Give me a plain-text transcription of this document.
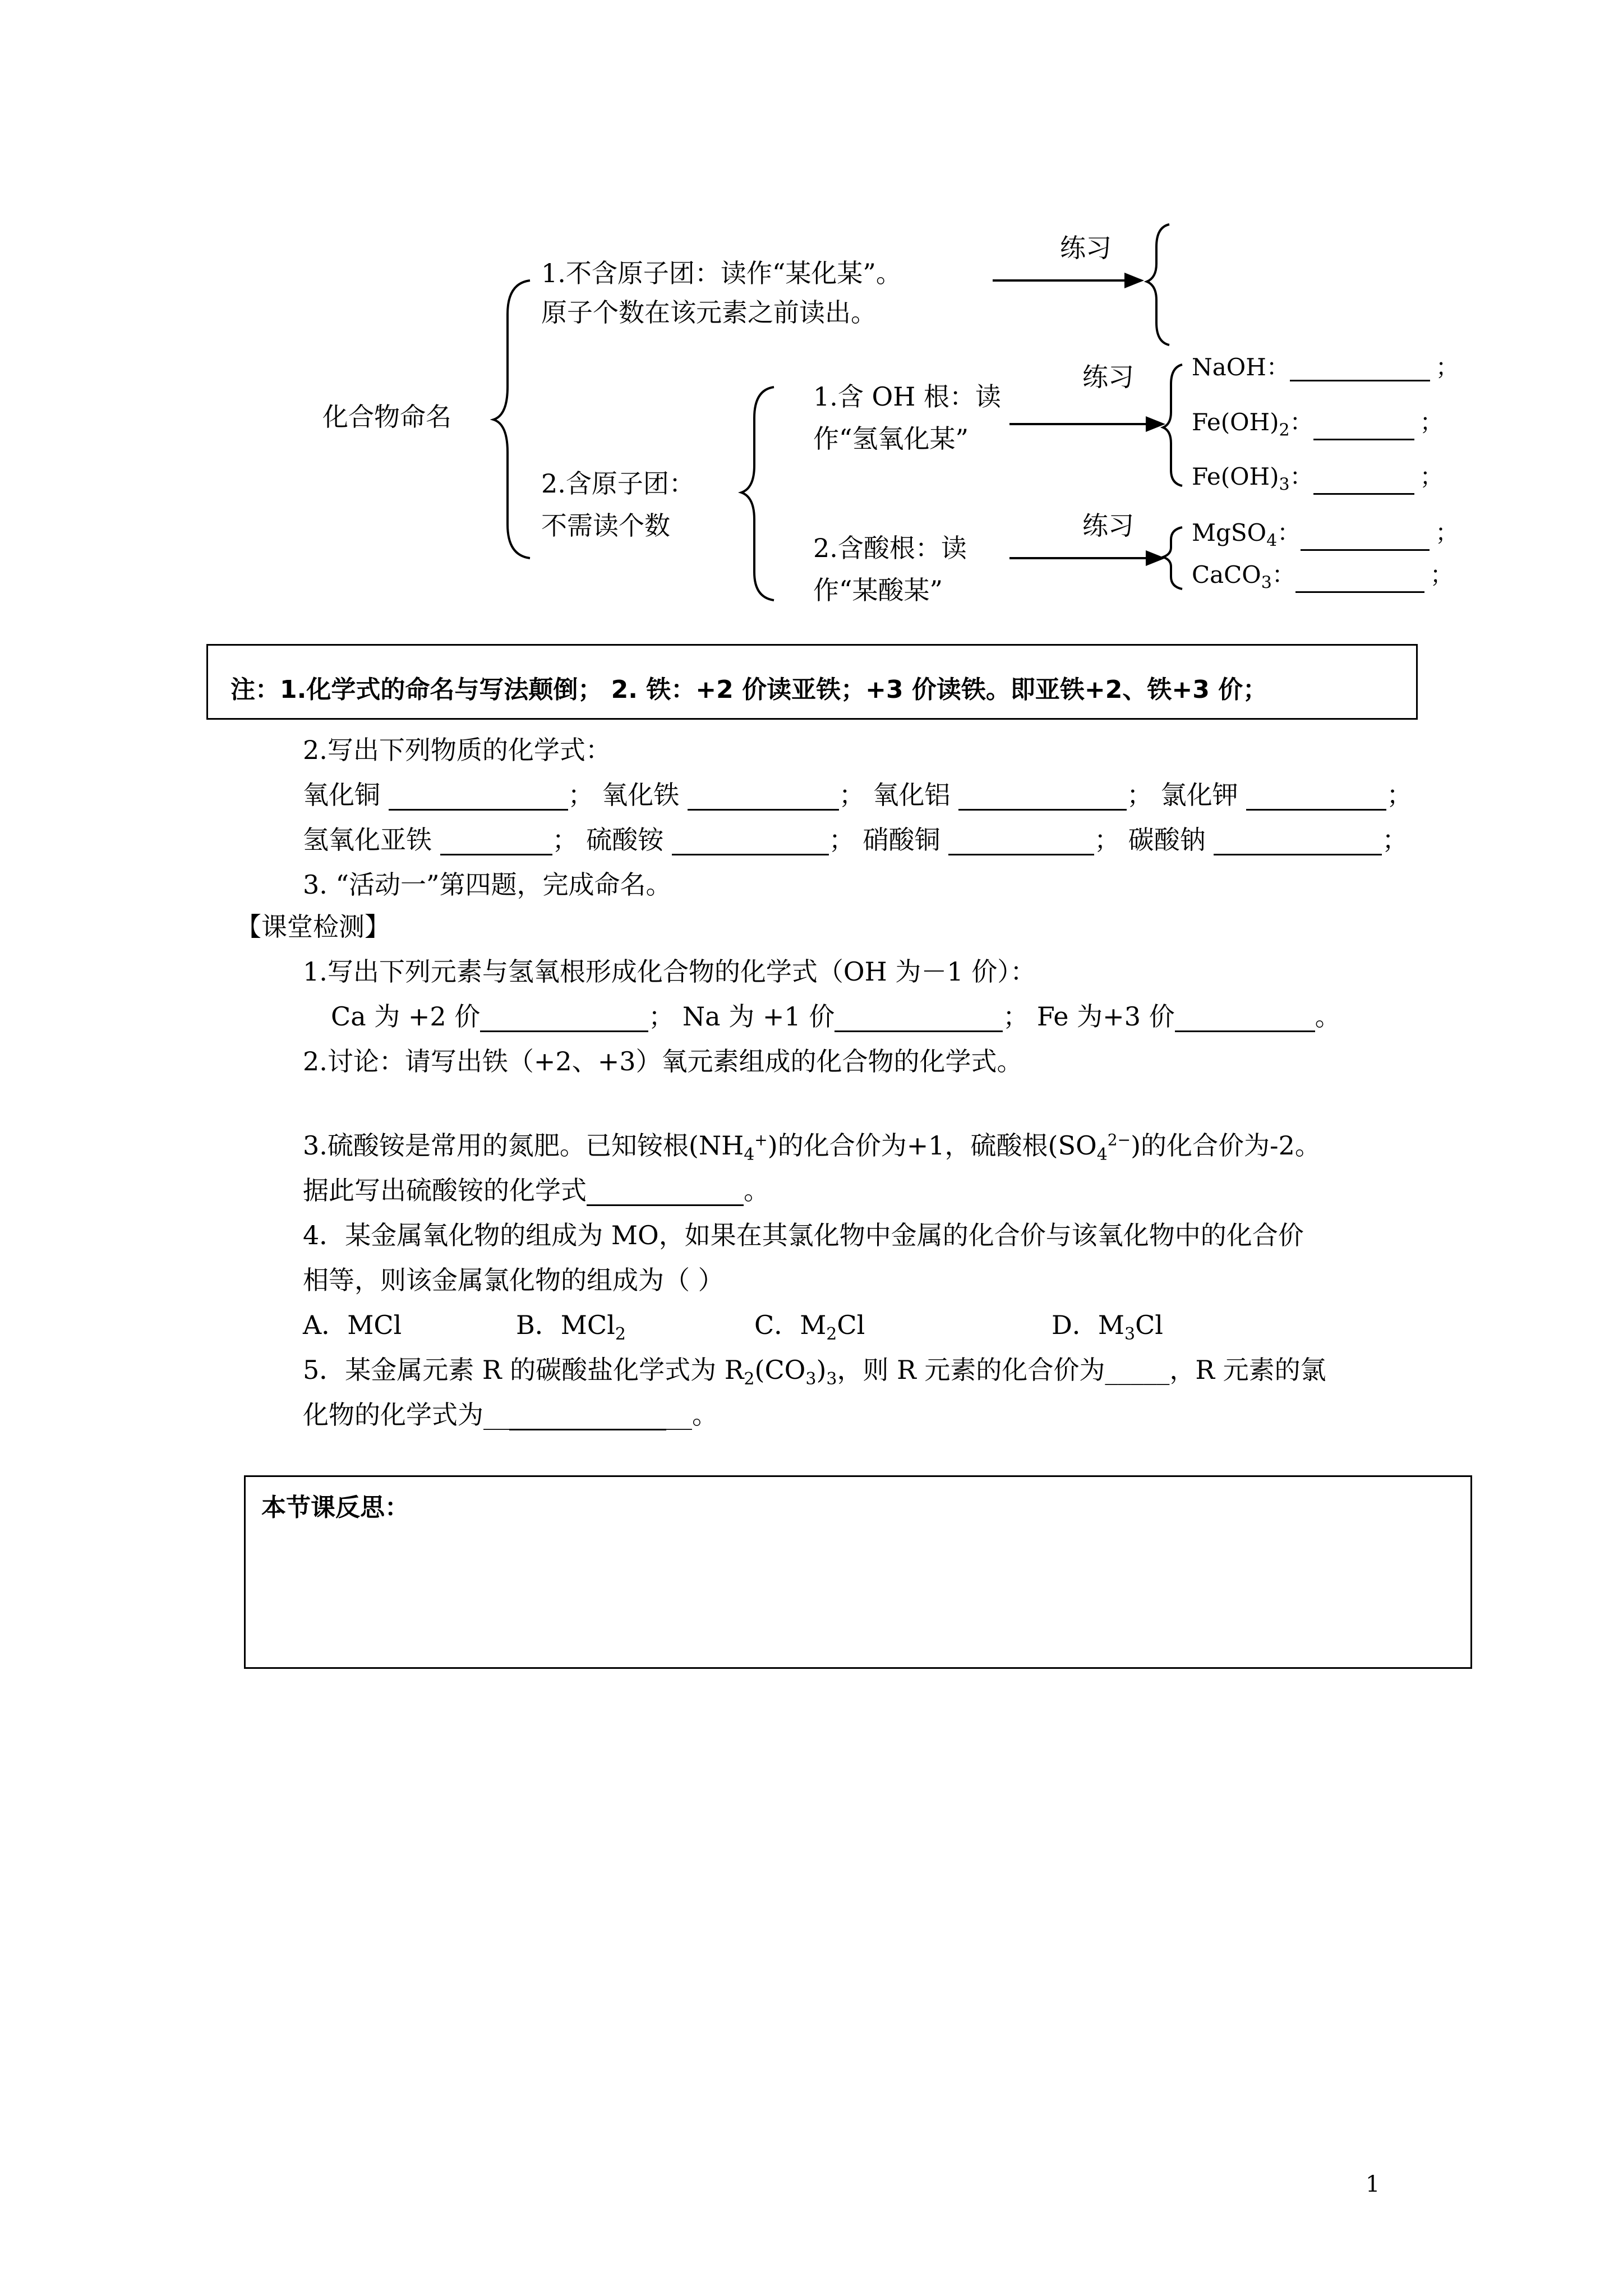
化合物命名
1.不含原子团：读作“某化某”。
原子个数在该元素之前读出。
2.含原子团：
不需读个数
1.含 OH 根：读
作“氢氧化某”
2.含酸根：读
作“某酸某”
练习
练习
练习
NaOH：	；
$Fe(OH)_2$：	；
$Fe(OH)_3$：	；
MgSO$_4$：	；
CaCO$_3$：	；
注：1.化学式的命名与写法颠倒； 2. 铁：+2 价读亚铁；+3 价读铁。即亚铁+2、铁+3 价；
2.写出下列物质的化学式：
氧化铜	； 氧化铁	； 氧化铝	； 氯化钾	；
氢氧化亚铁	； 硫酸铵	； 硝酸铜	； 碳酸钠	；
3. “活动一”第四题，完成命名。
【课堂检测】
1.写出下列元素与氢氧根形成化合物的化学式（OH 为－1 价）：
Ca 为 +2 价	； Na 为 +1 价	； Fe 为+3 价	。
2.讨论：请写出铁（+2、+3）氧元素组成的化合物的化学式。
3.硫酸铵是常用的氮肥。已知铵根$(NH_4^+)$的化合价为+1，硫酸根$(SO_4^{2-})$的化合价为-2。
据此写出硫酸铵的化学式	。
4．某金属氧化物的组成为 MO，如果在其氯化物中金属的化合价与该氧化物中的化合价
相等，则该金属氯化物的组成为（ ）
A．MCl	B．MCl$_2$	C．$M_2Cl$	D．$M_3Cl$
5．某金属元素 R 的碳酸盐化学式为 $R_2(CO_3)_3$，则 R 元素的化合价为_____，R 元素的氯
化物的化学式为__	__。
本节课反思：
1
